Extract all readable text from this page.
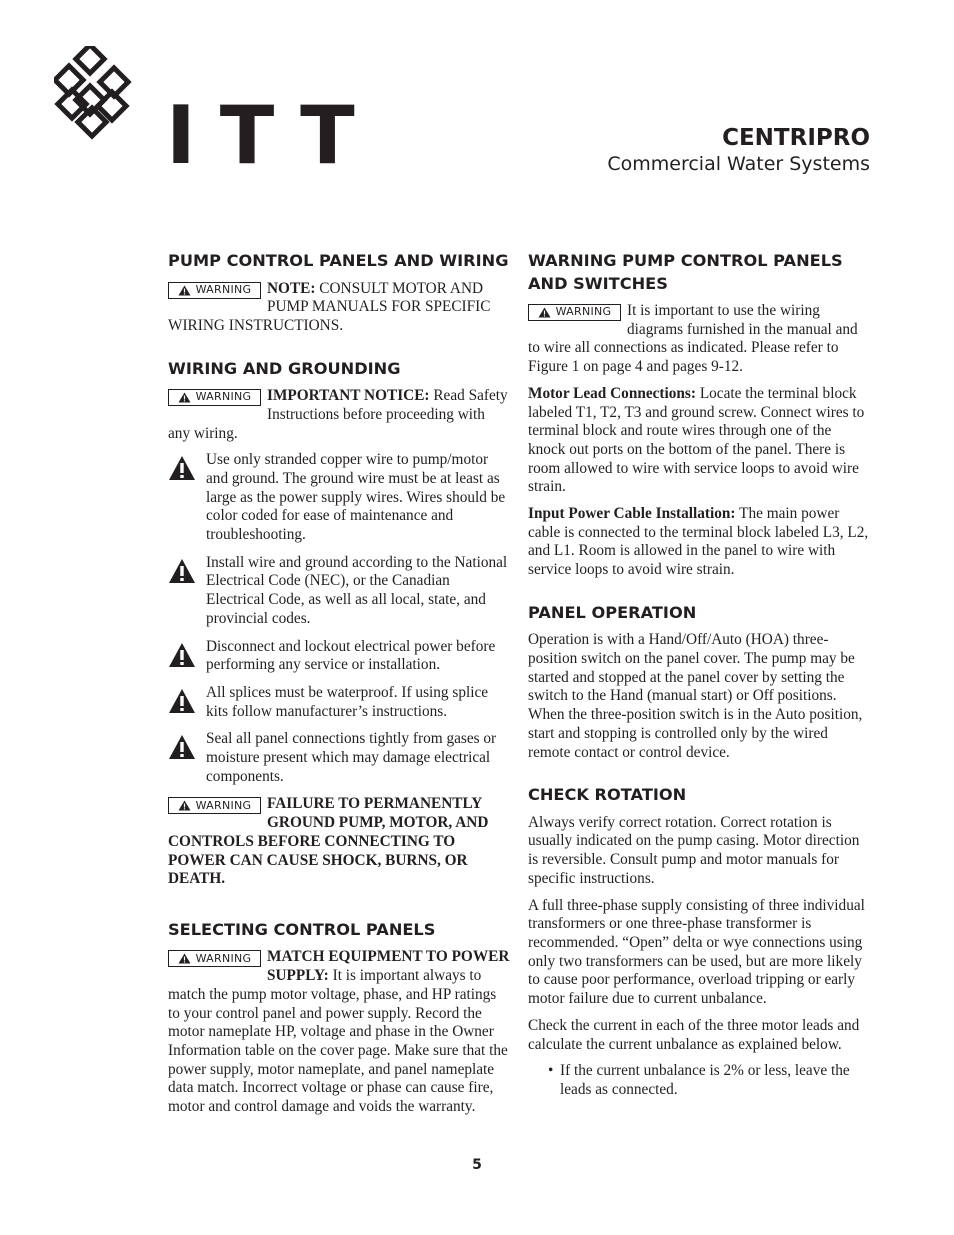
ITT	CENTRIPRO
Commercial Water Systems
PUMP CONTROL PANELS AND WIRING
WARNING NOTE: CONSULT MOTOR AND PUMP MANUALS FOR SPECIFIC WIRING INSTRUCTIONS.
WIRING AND GROUNDING

WARNING IMPORTANT NOTICE: Read Safety Instructions before proceeding with any wiring.

Use only stranded copper wire to pump/motor and ground. The ground wire must be at least as large as the power supply wires. Wires should be color coded for ease of maintenance and troubleshooting.
Install wire and ground according to the National Electrical Code (NEC), or the Canadian Electrical Code, as well as all local, state, and provincial codes.
Disconnect and lockout electrical power before performing any service or installation.
All splices must be waterproof. If using splice kits follow manufacturer’s instructions.
Seal all panel connections tightly from gases or moisture present which may damage electrical components.

WARNING FAILURE TO PERMANENTLY GROUND PUMP, MOTOR, AND CONTROLS BEFORE CONNECTING TO POWER CAN CAUSE SHOCK, BURNS, OR DEATH.

SELECTING CONTROL PANELS

WARNING MATCH EQUIPMENT TO POWER SUPPLY: It is important always to match the pump motor voltage, phase, and HP ratings to your control panel and power supply. Record the motor nameplate HP, voltage and phase in the Owner Information table on the cover page. Make sure that the power supply, motor nameplate, and panel nameplate data match. Incorrect voltage or phase can cause fire, motor and control damage and voids the warranty.

WARNING PUMP CONTROL PANELS AND SWITCHES

WARNING It is important to use the wiring diagrams furnished in the manual and to wire all connections as indicated. Please refer to Figure 1 on page 4 and pages 9-12.

Motor Lead Connections: Locate the terminal block labeled T1, T2, T3 and ground screw. Connect wires to terminal block and route wires through one of the knock out ports on the bottom of the panel. There is room allowed to wire with service loops to avoid wire strain.

Input Power Cable Installation: The main power cable is connected to the terminal block labeled L3, L2, and L1. Room is allowed in the panel to wire with service loops to avoid wire strain.

PANEL OPERATION

Operation is with a Hand/Off/Auto (HOA) three-position switch on the panel cover. The pump may be started and stopped at the panel cover by setting the switch to the Hand (manual start) or Off positions. When the three-position switch is in the Auto position, start and stopping is controlled only by the wired remote contact or control device.

CHECK ROTATION

Always verify correct rotation. Correct rotation is usually indicated on the pump casing. Motor direction is reversible. Consult pump and motor manuals for specific instructions.

A full three-phase supply consisting of three individual transformers or one three-phase transformer is recommended. “Open” delta or wye connections using only two transformers can be used, but are more likely to cause poor performance, overload tripping or early motor failure due to current unbalance.

Check the current in each of the three motor leads and calculate the current unbalance as explained below.

• If the current unbalance is 2% or less, leave the leads as connected.
5
